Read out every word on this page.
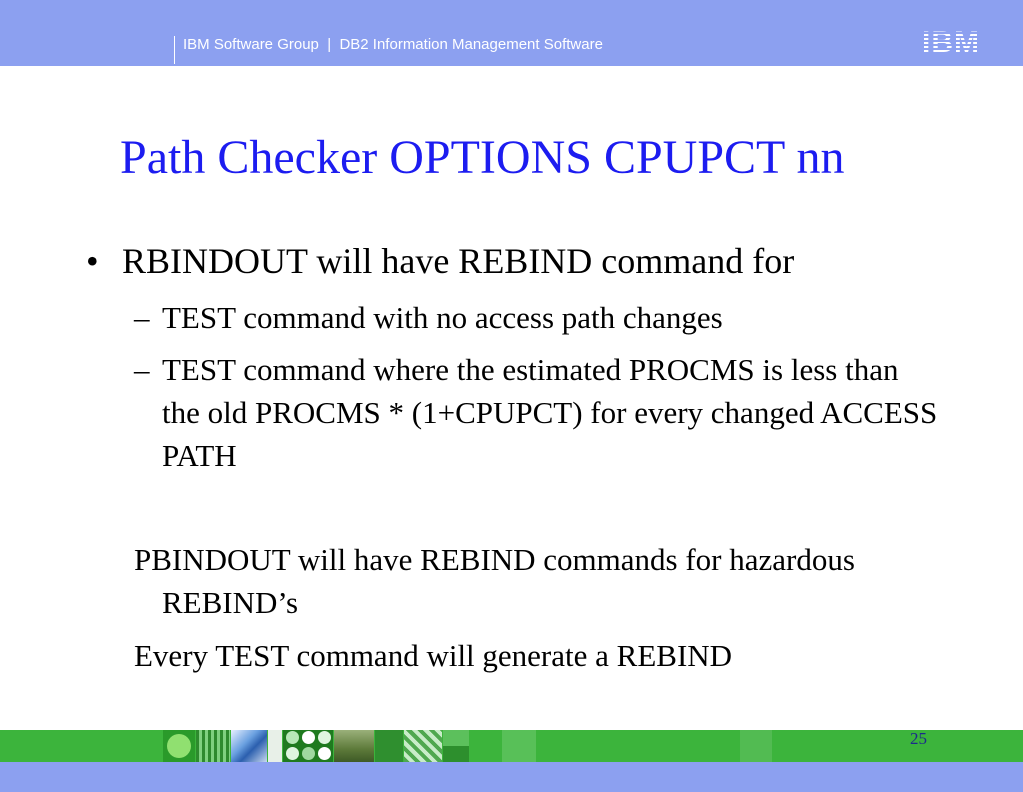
IBM Software Group  |  DB2 Information Management Software	IBM
Path Checker OPTIONS CPUPCT nn
• RBINDOUT will have REBIND command for
– TEST command with no access path changes
– TEST command where the estimated PROCMS is less than the old PROCMS * (1+CPUPCT) for every changed ACCESS PATH
PBINDOUT will have REBIND commands for hazardous REBIND’s
Every TEST command will generate a REBIND
25
